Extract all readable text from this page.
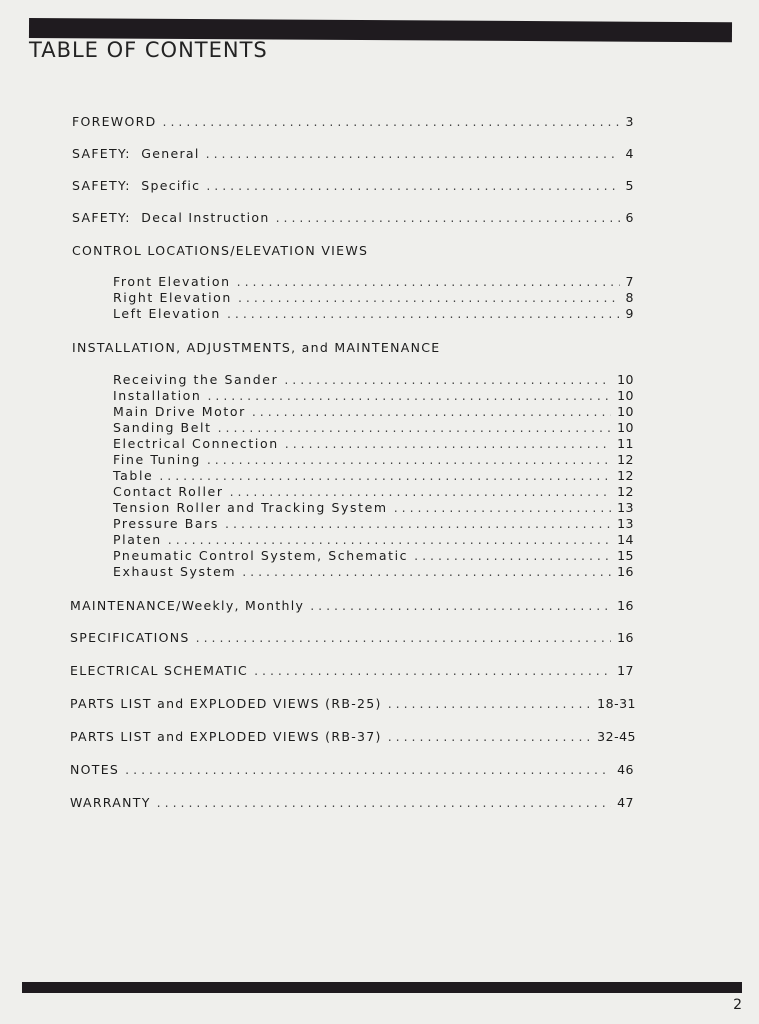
TABLE OF CONTENTS
FOREWORD . . .	3
SAFETY:  General . . .	4
SAFETY:  Specific . . .	5
SAFETY:  Decal Instruction . . .	6
CONTROL LOCATIONS/ELEVATION VIEWS
Front Elevation . . .	7
Right Elevation . . .	8
Left Elevation . . .	9
INSTALLATION, ADJUSTMENTS, and MAINTENANCE
Receiving the Sander . . .	10
Installation . . .	10
Main Drive Motor . . .	10
Sanding Belt . . .	10
Electrical Connection . . .	11
Fine Tuning . . .	12
Table . . .	12
Contact Roller . . .	12
Tension Roller and Tracking System . . .	13
Pressure Bars . . .	13
Platen . . .	14
Pneumatic Control System, Schematic . . .	15
Exhaust System . . .	16
MAINTENANCE/Weekly, Monthly . . .	16
SPECIFICATIONS . . .	16
ELECTRICAL SCHEMATIC . . .	17
PARTS LIST and EXPLODED VIEWS (RB-25) . . .	18-31
PARTS LIST and EXPLODED VIEWS (RB-37) . . .	32-45
NOTES . . .	46
WARRANTY . . .	47
2
